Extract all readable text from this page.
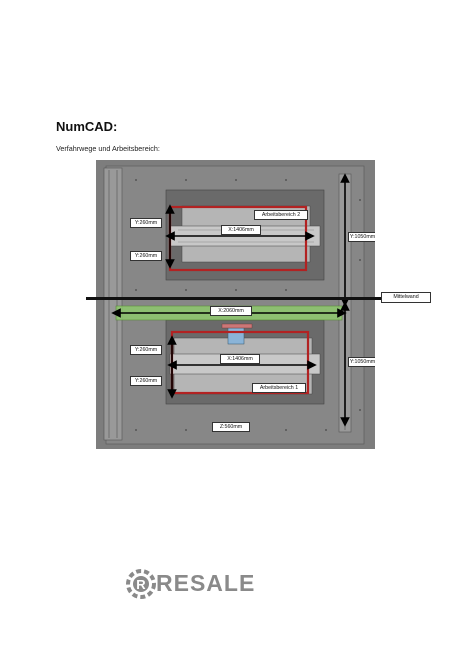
NumCAD:
Verfahrwege und Arbeitsbereich:
Arbeitsbereich 2
X:1406mm
Y:260mm
Y:260mm
Y:1050mm
X:2060mm
Y:260mm
X:1406mm	Y:1050mm
Y:260mm
Arbeitsbereich 1
Z:560mm
Mittelwand
R RESALE
